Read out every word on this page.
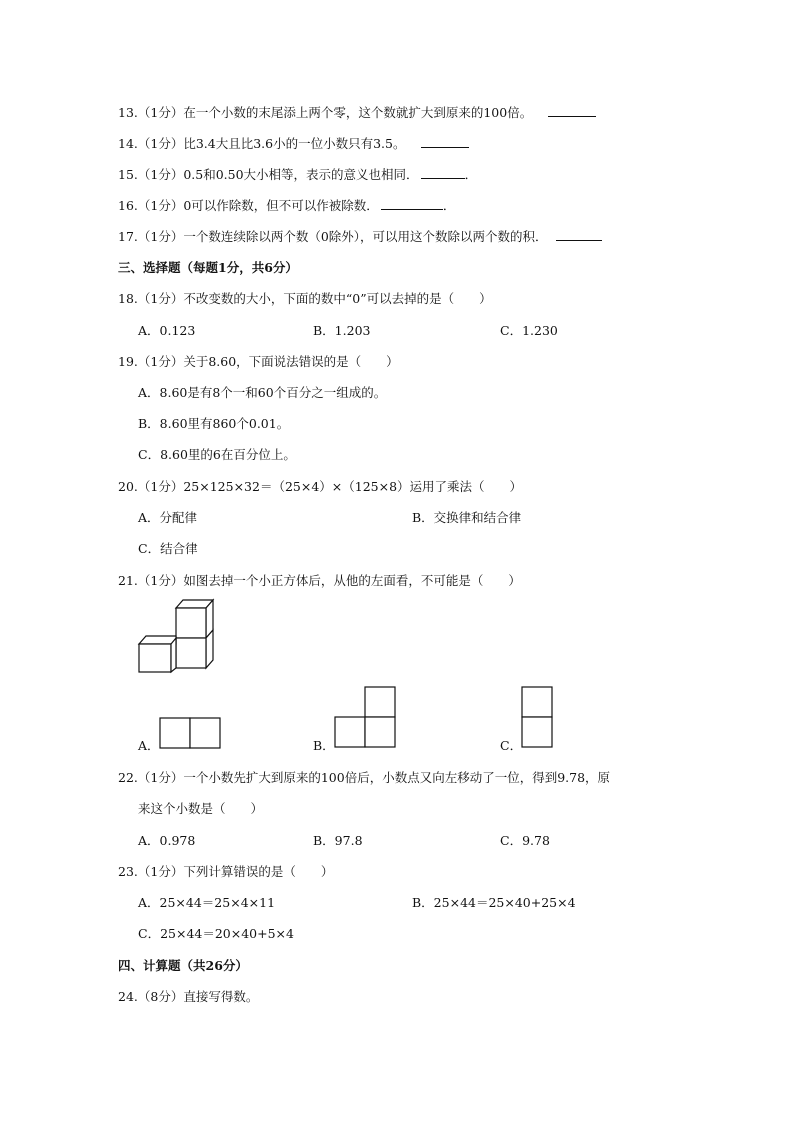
13.（1分）在一个小数的末尾添上两个零，这个数就扩大到原来的100倍。
14.（1分）比3.4大且比3.6小的一位小数只有3.5。
15.（1分）0.5和0.50大小相等，表示的意义也相同．	．
16.（1分）0可以作除数，但不可以作被除数．	．
17.（1分）一个数连续除以两个数（0除外），可以用这个数除以两个数的积．
三、选择题（每题1分，共6分）
18.（1分）不改变数的大小，下面的数中“0”可以去掉的是（　　）
A．0.123	B．1.203	C．1.230
19.（1分）关于8.60，下面说法错误的是（　　）
A．8.60是有8个一和60个百分之一组成的。
B．8.60里有860个0.01。
C．8.60里的6在百分位上。
20.（1分）25×125×32＝（25×4）×（125×8）运用了乘法（　　）
A．分配律	B．交换律和结合律
C．结合律
21.（1分）如图去掉一个小正方体后，从他的左面看，不可能是（　　）
A．	B．	C．
22.（1分）一个小数先扩大到原来的100倍后，小数点又向左移动了一位，得到9.78，原
来这个小数是（　　）
A．0.978	B．97.8	C．9.78
23.（1分）下列计算错误的是（　　）
A．25×44＝25×4×11	B．25×44＝25×40+25×4
C．25×44＝20×40+5×4
四、计算题（共26分）
24.（8分）直接写得数。
